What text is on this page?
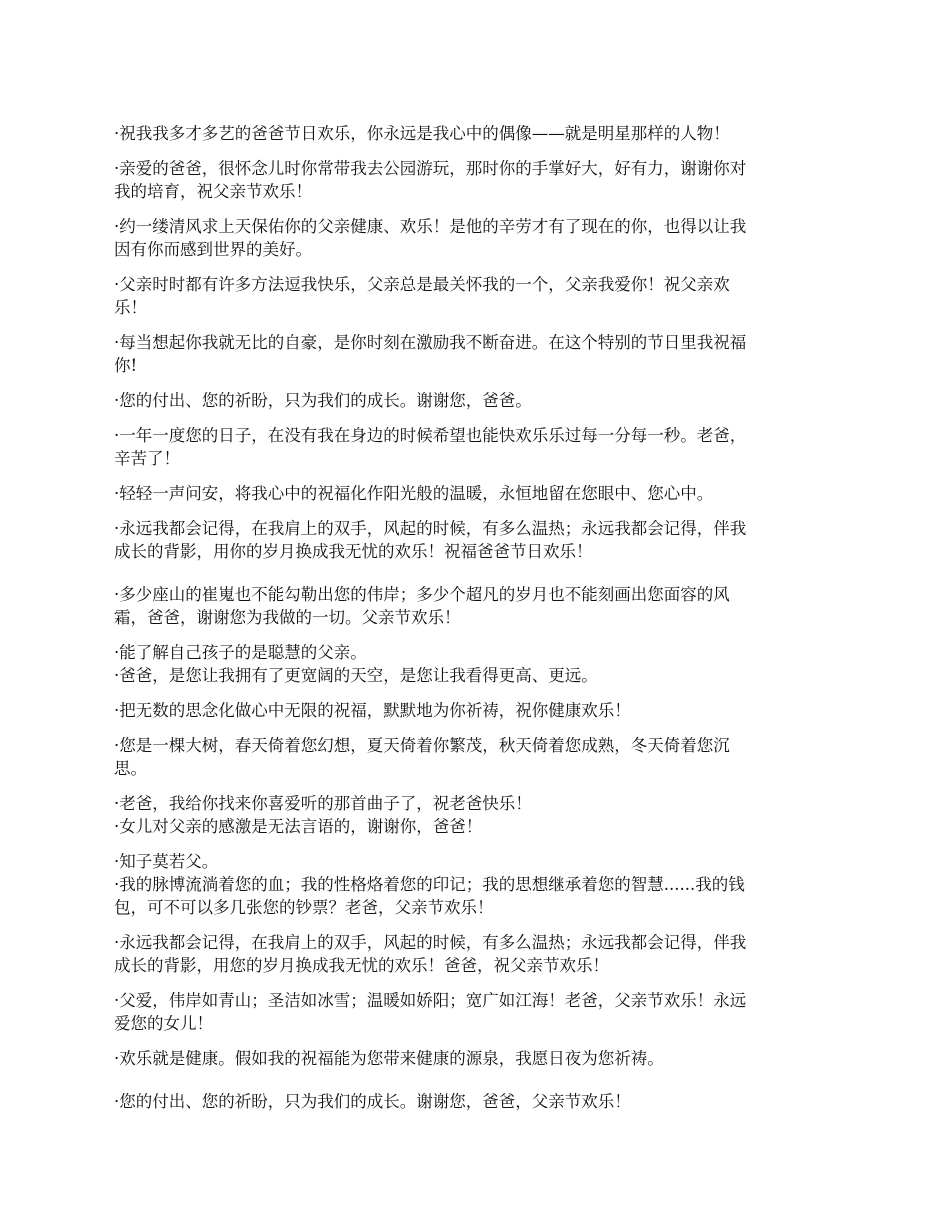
·祝我我多才多艺的爸爸节日欢乐，你永远是我心中的偶像——就是明星那样的人物！
·亲爱的爸爸，很怀念儿时你常带我去公园游玩，那时你的手掌好大，好有力，谢谢你对
我的培育，祝父亲节欢乐！
·约一缕清风求上天保佑你的父亲健康、欢乐！是他的辛劳才有了现在的你，也得以让我
因有你而感到世界的美好。
·父亲时时都有许多方法逗我快乐，父亲总是最关怀我的一个，父亲我爱你！祝父亲欢
乐！
·每当想起你我就无比的自豪，是你时刻在激励我不断奋进。在这个特别的节日里我祝福
你!
·您的付出、您的祈盼，只为我们的成长。谢谢您，爸爸。
·一年一度您的日子，在没有我在身边的时候希望也能快欢乐乐过每一分每一秒。老爸，
辛苦了！
·轻轻一声问安，将我心中的祝福化作阳光般的温暖，永恒地留在您眼中、您心中。
·永远我都会记得，在我肩上的双手，风起的时候，有多么温热；永远我都会记得，伴我
成长的背影，用你的岁月换成我无忧的欢乐！祝福爸爸节日欢乐！
·多少座山的崔嵬也不能勾勒出您的伟岸；多少个超凡的岁月也不能刻画出您面容的风
霜，爸爸，谢谢您为我做的一切。父亲节欢乐！
·能了解自己孩子的是聪慧的父亲。
·爸爸，是您让我拥有了更宽阔的天空，是您让我看得更高、更远。
·把无数的思念化做心中无限的祝福，默默地为你祈祷，祝你健康欢乐！
·您是一棵大树，春天倚着您幻想，夏天倚着你繁茂，秋天倚着您成熟，冬天倚着您沉
思。
·老爸，我给你找来你喜爱听的那首曲子了，祝老爸快乐！
·女儿对父亲的感激是无法言语的，谢谢你，爸爸！
·知子莫若父。
·我的脉博流淌着您的血；我的性格烙着您的印记；我的思想继承着您的智慧......我的钱
包，可不可以多几张您的钞票？老爸，父亲节欢乐！
·永远我都会记得，在我肩上的双手，风起的时候，有多么温热；永远我都会记得，伴我
成长的背影，用您的岁月换成我无忧的欢乐！爸爸，祝父亲节欢乐！
·父爱，伟岸如青山；圣洁如冰雪；温暖如娇阳；宽广如江海！老爸，父亲节欢乐！永远
爱您的女儿！
·欢乐就是健康。假如我的祝福能为您带来健康的源泉，我愿日夜为您祈祷。
·您的付出、您的祈盼，只为我们的成长。谢谢您，爸爸，父亲节欢乐！
